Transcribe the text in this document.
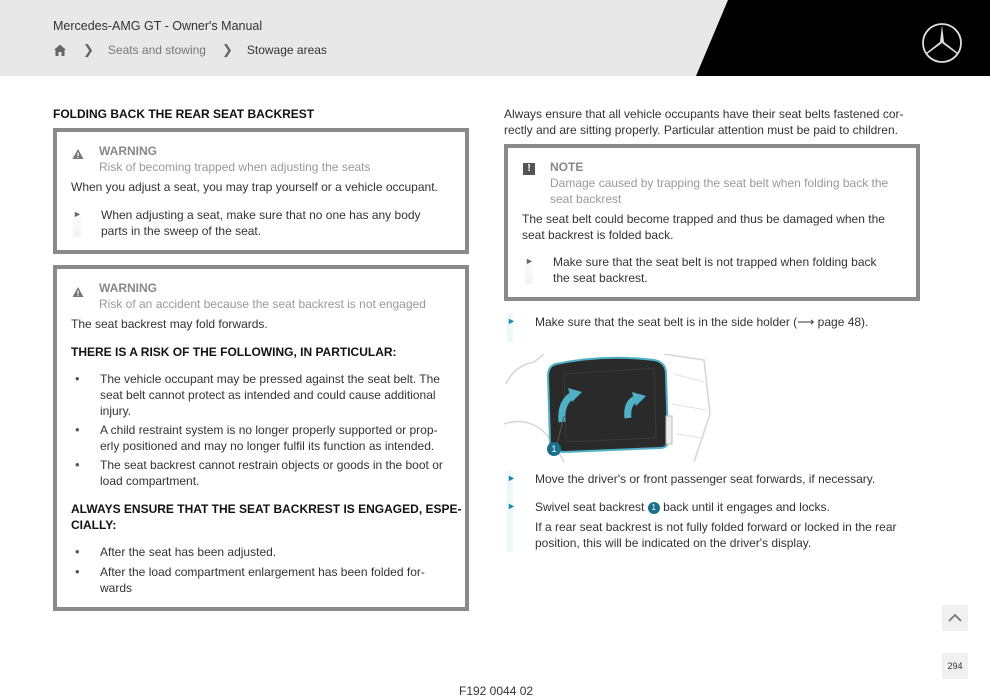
Mercedes-AMG GT - Owner's Manual
❯ Seats and stowing ❯ Stowage areas
FOLDING BACK THE REAR SEAT BACKREST
WARNING
Risk of becoming trapped when adjusting the seats
When you adjust a seat, you may trap yourself or a vehicle occupant.
► When adjusting a seat, make sure that no one has any body
parts in the sweep of the seat.
WARNING
Risk of an accident because the seat backrest is not engaged
The seat backrest may fold forwards.
THERE IS A RISK OF THE FOLLOWING, IN PARTICULAR:
• The vehicle occupant may be pressed against the seat belt. The
seat belt cannot protect as intended and could cause additional
injury.
• A child restraint system is no longer properly supported or prop-
erly positioned and may no longer fulfil its function as intended.
• The seat backrest cannot restrain objects or goods in the boot or
load compartment.
ALWAYS ENSURE THAT THE SEAT BACKREST IS ENGAGED, ESPE-
CIALLY:
• After the seat has been adjusted.
• After the load compartment enlargement has been folded for-
wards
Always ensure that all vehicle occupants have their seat belts fastened cor-
rectly and are sitting properly. Particular attention must be paid to children.
!	NOTE
Damage caused by trapping the seat belt when folding back the
seat backrest
The seat belt could become trapped and thus be damaged when the
seat backrest is folded back.
► Make sure that the seat belt is not trapped when folding back
the seat backrest.
► Make sure that the seat belt is in the side holder (⟶ page 48).
1
► Move the driver's or front passenger seat forwards, if necessary.
► Swivel seat backrest 1 back until it engages and locks.
If a rear seat backrest is not fully folded forward or locked in the rear
position, this will be indicated on the driver's display.
294
F192 0044 02
